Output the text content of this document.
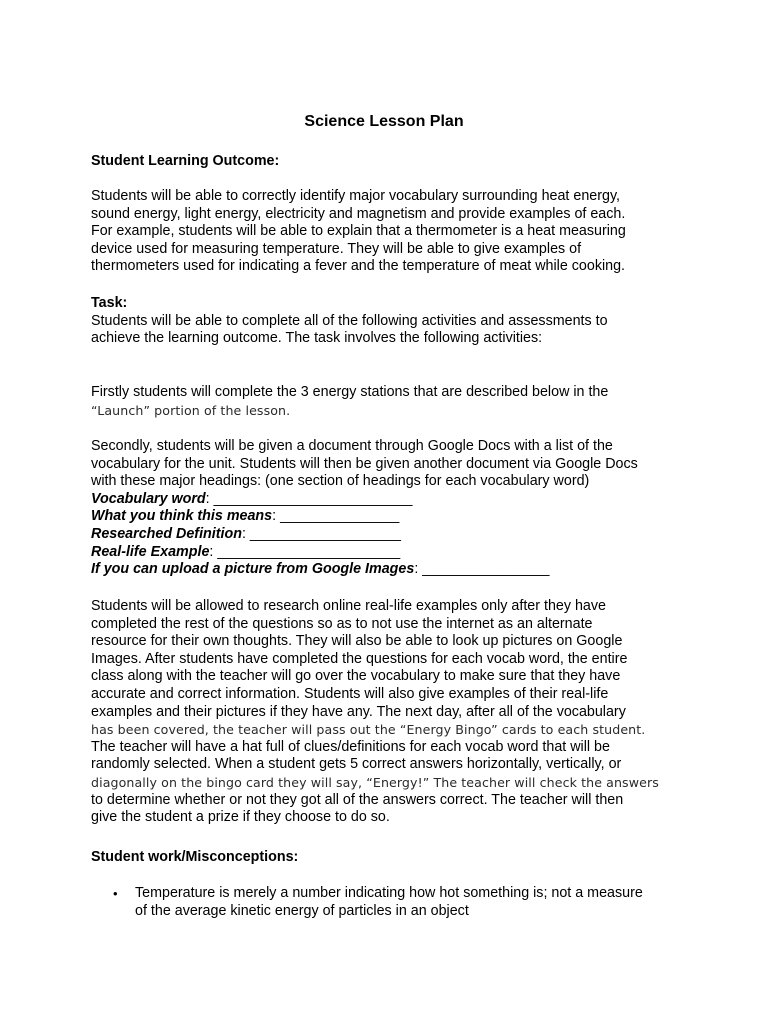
Science Lesson Plan
Student Learning Outcome:
Students will be able to correctly identify major vocabulary surrounding heat energy,
sound energy, light energy, electricity and magnetism and provide examples of each.
For example, students will be able to explain that a thermometer is a heat measuring
device used for measuring temperature. They will be able to give examples of
thermometers used for indicating a fever and the temperature of meat while cooking.
Task:
Students will be able to complete all of the following activities and assessments to
achieve the learning outcome. The task involves the following activities:
Firstly students will complete the 3 energy stations that are described below in the
“Launch” portion of the lesson.
Secondly, students will be given a document through Google Docs with a list of the
vocabulary for the unit. Students will then be given another document via Google Docs
with these major headings: (one section of headings for each vocabulary word)
Vocabulary word: _________________________
What you think this means: _______________
Researched Definition: ___________________
Real-life Example: _______________________
If you can upload a picture from Google Images: ________________
Students will be allowed to research online real-life examples only after they have
completed the rest of the questions so as to not use the internet as an alternate
resource for their own thoughts. They will also be able to look up pictures on Google
Images. After students have completed the questions for each vocab word, the entire
class along with the teacher will go over the vocabulary to make sure that they have
accurate and correct information. Students will also give examples of their real-life
examples and their pictures if they have any. The next day, after all of the vocabulary
has been covered, the teacher will pass out the “Energy Bingo” cards to each student.
The teacher will have a hat full of clues/definitions for each vocab word that will be
randomly selected. When a student gets 5 correct answers horizontally, vertically, or
diagonally on the bingo card they will say, “Energy!” The teacher will check the answers
to determine whether or not they got all of the answers correct. The teacher will then
give the student a prize if they choose to do so.
Student work/Misconceptions:
• Temperature is merely a number indicating how hot something is; not a measure
of the average kinetic energy of particles in an object
